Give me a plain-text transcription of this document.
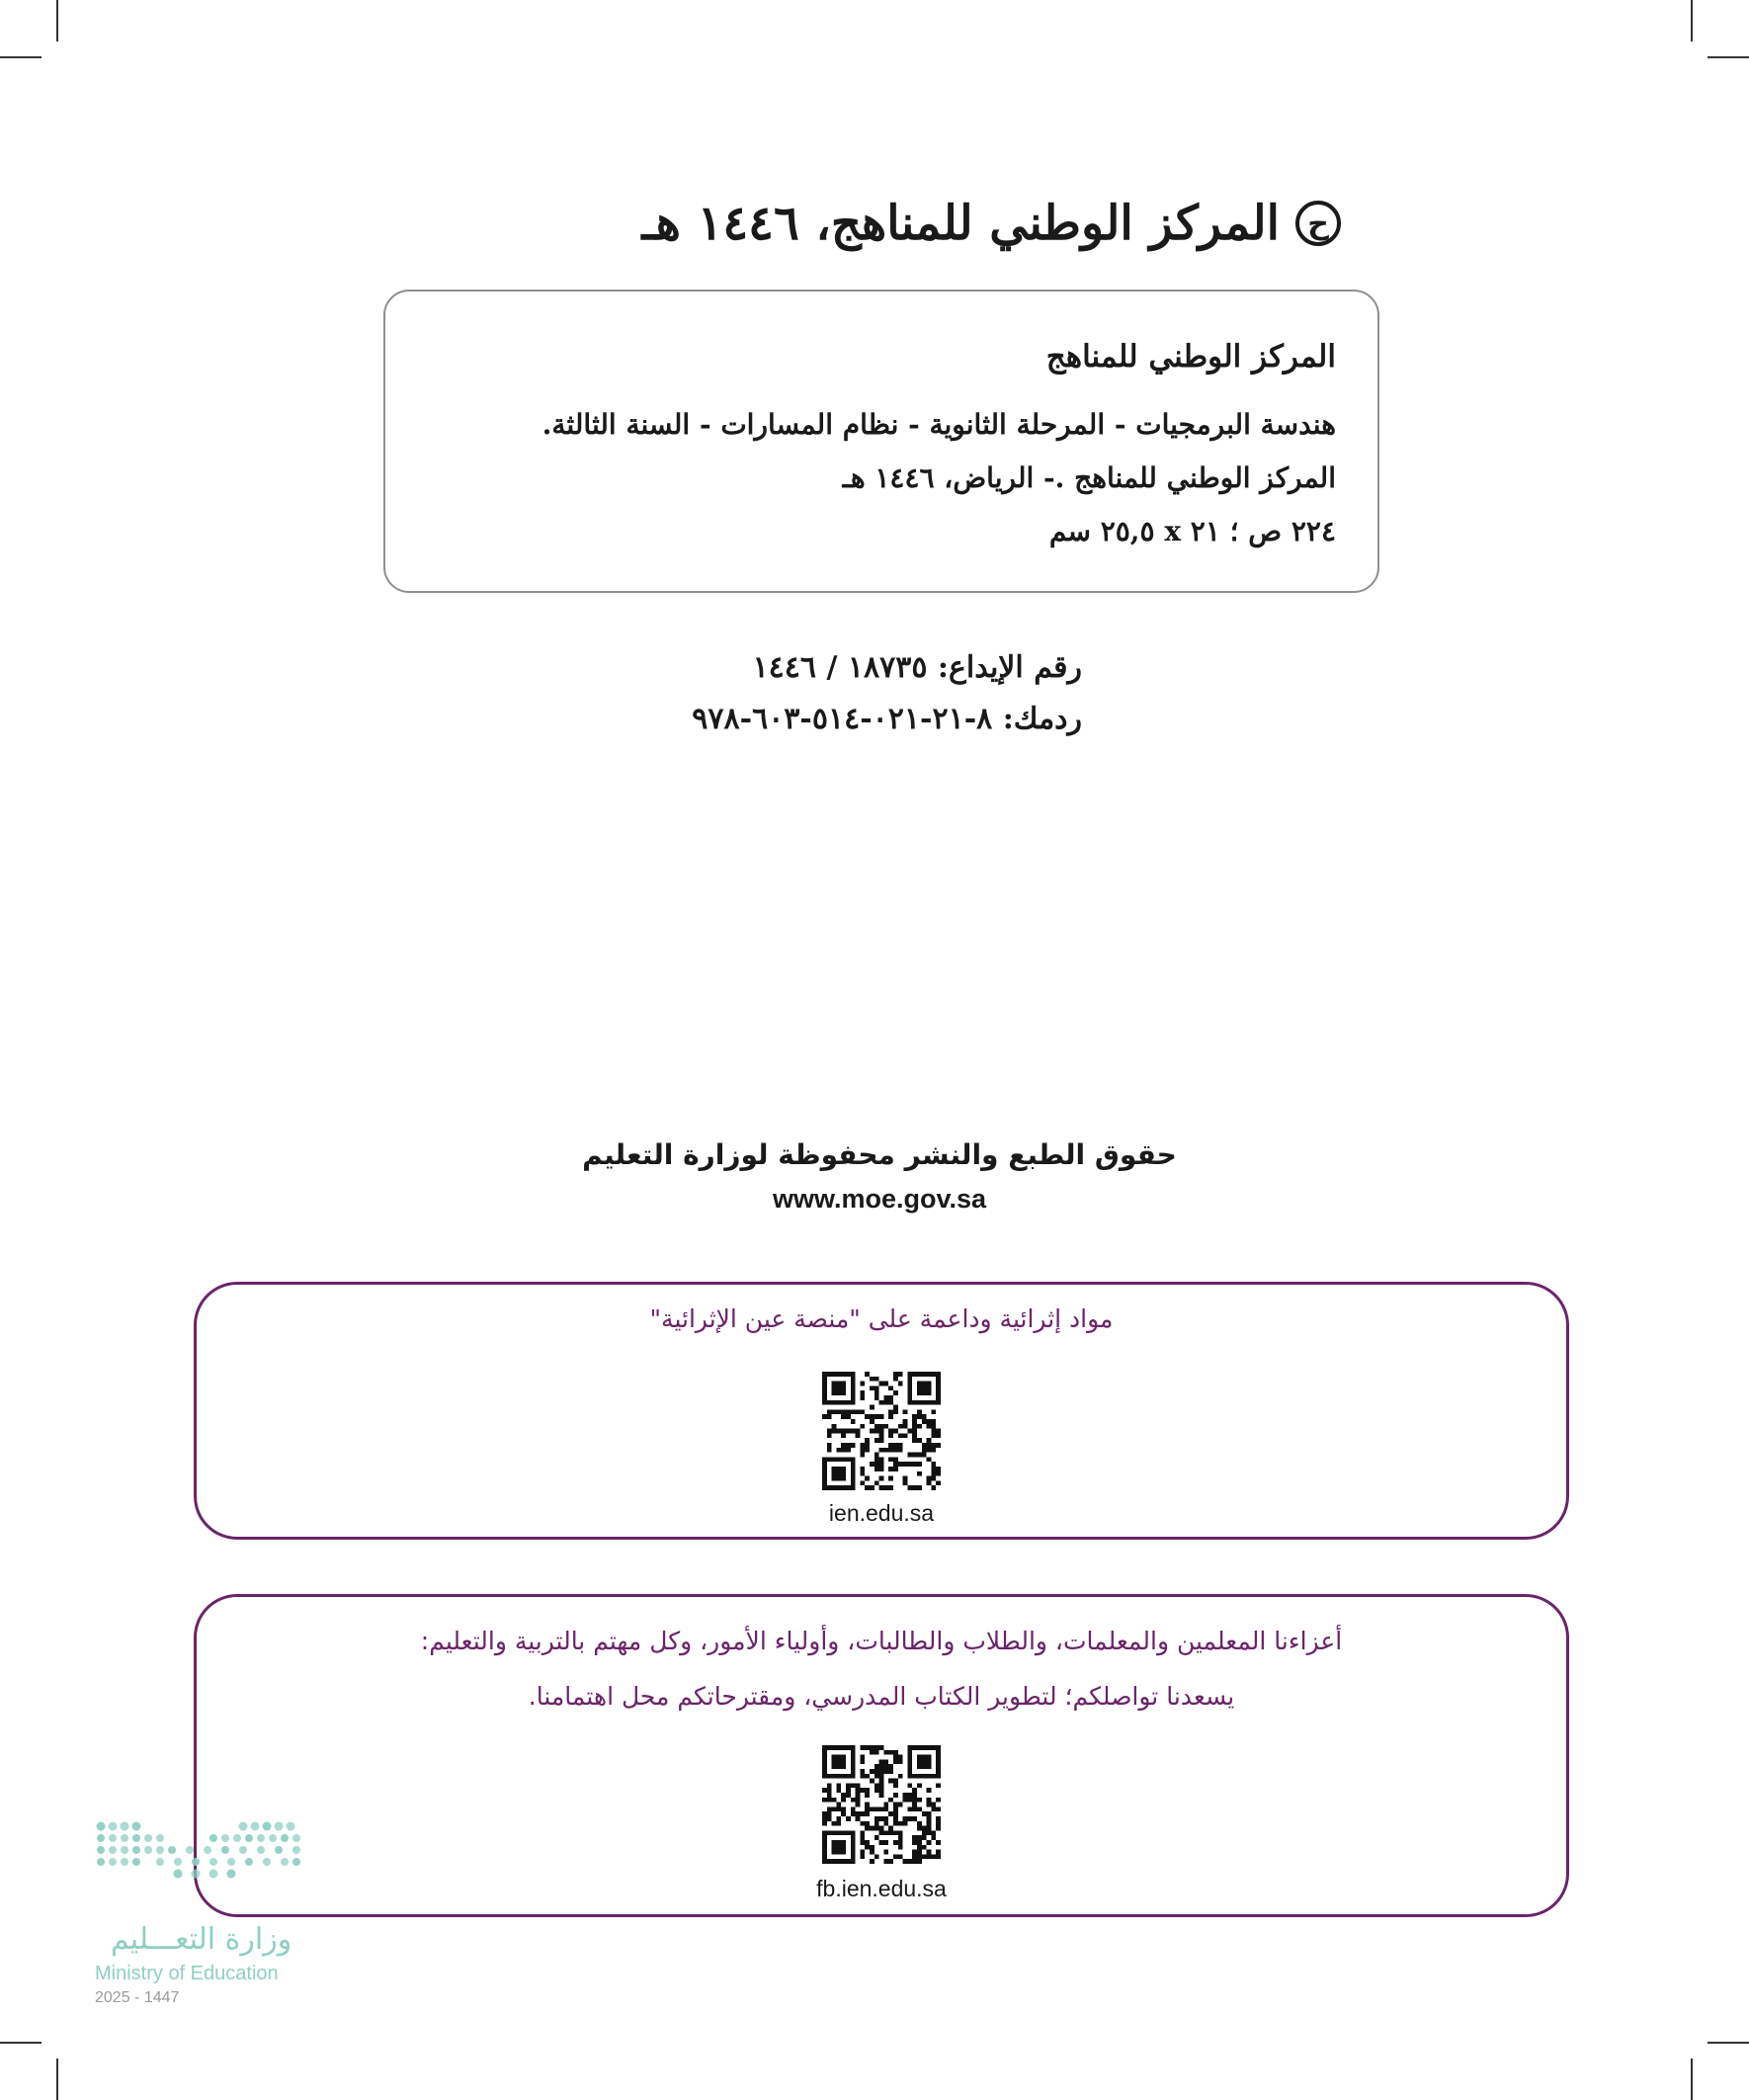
ح
المركز الوطني للمناهج، ١٤٤٦ هـ
المركز الوطني للمناهج
هندسة البرمجيات - المرحلة الثانوية - نظام المسارات - السنة الثالثة.
المركز الوطني للمناهج .- الرياض، ١٤٤٦ هـ
٢٢٤ ص ؛ ٢١ x ٢٥,٥ سم
رقم الإيداع: ١٨٧٣٥ / ١٤٤٦
ردمك: ٨-٢١-٠٢١-٥١٤-٦٠٣-٩٧٨
حقوق الطبع والنشر محفوظة لوزارة التعليم
www.moe.gov.sa
مواد إثرائية وداعمة على "منصة عين الإثرائية"
ien.edu.sa
أعزاءنا المعلمين والمعلمات، والطلاب والطالبات، وأولياء الأمور، وكل مهتم بالتربية والتعليم:
يسعدنا تواصلكم؛ لتطوير الكتاب المدرسي، ومقترحاتكم محل اهتمامنا.
fb.ien.edu.sa
وزارة التعـــليم
Ministry of Education
2025 - 1447
